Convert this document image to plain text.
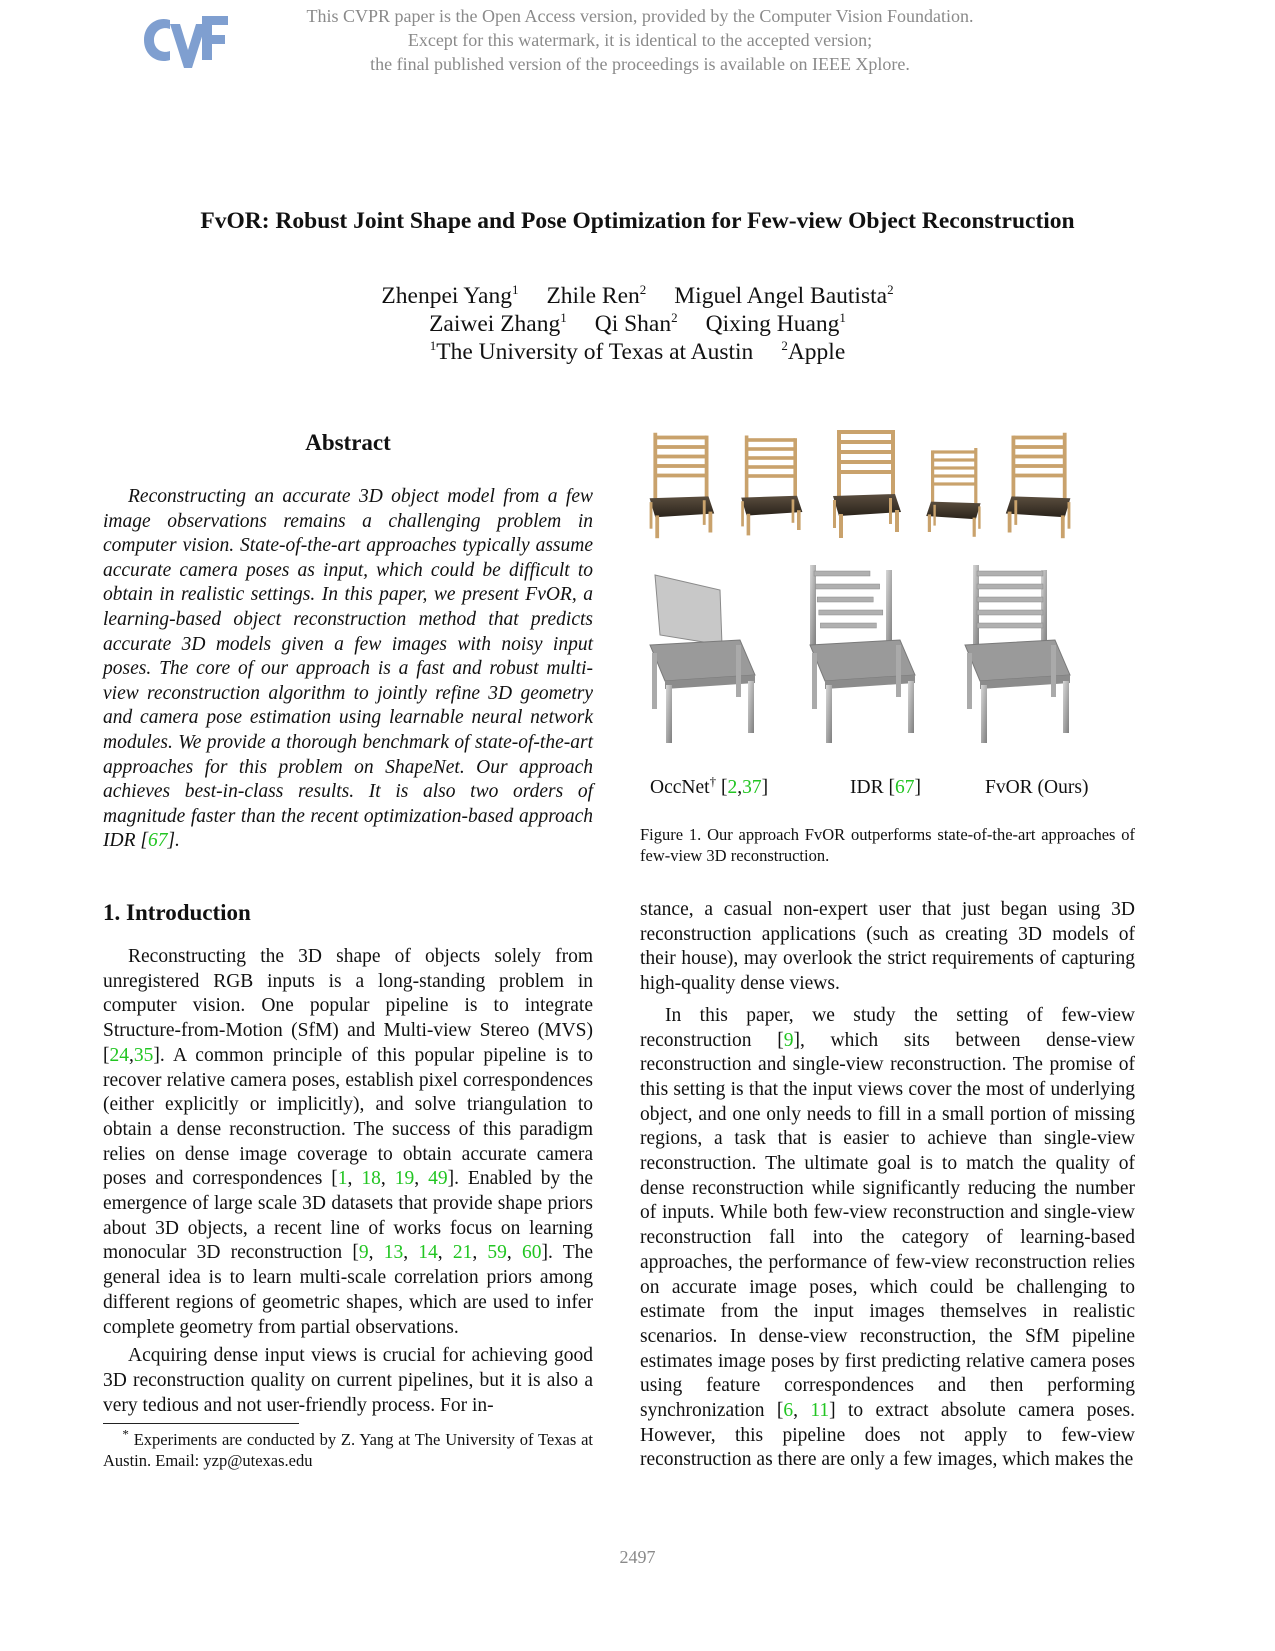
This CVPR paper is the Open Access version, provided by the Computer Vision Foundation.
Except for this watermark, it is identical to the accepted version;
the final published version of the proceedings is available on IEEE Xplore.
FvOR: Robust Joint Shape and Pose Optimization for Few-view Object Reconstruction
Zhenpei Yang$^1$ Zhile Ren$^2$ Miguel Angel Bautista$^2$
Zaiwei Zhang$^1$ Qi Shan$^2$ Qixing Huang$^1$
$^1$The University of Texas at Austin $^2$Apple
Abstract
Reconstructing an accurate 3D object model from a few image observations remains a challenging problem in computer vision. State-of-the-art approaches typically assume accurate camera poses as input, which could be difficult to obtain in realistic settings. In this paper, we present FvOR, a learning-based object reconstruction method that predicts accurate 3D models given a few images with noisy input poses. The core of our approach is a fast and robust multi-view reconstruction algorithm to jointly refine 3D geometry and camera pose estimation using learnable neural network modules. We provide a thorough benchmark of state-of-the-art approaches for this problem on ShapeNet. Our approach achieves best-in-class results. It is also two orders of magnitude faster than the recent optimization-based approach IDR [67].
OccNet† [2,37]	IDR [67]	FvOR (Ours)
Figure 1. Our approach FvOR outperforms state-of-the-art approaches of few-view 3D reconstruction.
1. Introduction

Reconstructing the 3D shape of objects solely from unregistered RGB inputs is a long-standing problem in computer vision. One popular pipeline is to integrate Structure-from-Motion (SfM) and Multi-view Stereo (MVS) [24,35]. A common principle of this popular pipeline is to recover relative camera poses, establish pixel correspondences (either explicitly or implicitly), and solve triangulation to obtain a dense reconstruction. The success of this paradigm relies on dense image coverage to obtain accurate camera poses and correspondences [1, 18, 19, 49]. Enabled by the emergence of large scale 3D datasets that provide shape priors about 3D objects, a recent line of works focus on learning monocular 3D reconstruction [9, 13, 14, 21, 59, 60]. The general idea is to learn multi-scale correlation priors among different regions of geometric shapes, which are used to infer complete geometry from partial observations.

Acquiring dense input views is crucial for achieving good 3D reconstruction quality on current pipelines, but it is also a very tedious and not user-friendly process. For in-

stance, a casual non-expert user that just began using 3D reconstruction applications (such as creating 3D models of their house), may overlook the strict requirements of capturing high-quality dense views.

In this paper, we study the setting of few-view reconstruction [9], which sits between dense-view reconstruction and single-view reconstruction. The promise of this setting is that the input views cover the most of underlying object, and one only needs to fill in a small portion of missing regions, a task that is easier to achieve than single-view reconstruction. The ultimate goal is to match the quality of dense reconstruction while significantly reducing the number of inputs. While both few-view reconstruction and single-view reconstruction fall into the category of learning-based approaches, the performance of few-view reconstruction relies on accurate image poses, which could be challenging to estimate from the input images themselves in realistic scenarios. In dense-view reconstruction, the SfM pipeline estimates image poses by first predicting relative camera poses using feature correspondences and then performing synchronization [6, 11] to extract absolute camera poses. However, this pipeline does not apply to few-view reconstruction as there are only a few images, which makes the

* Experiments are conducted by Z. Yang at The University of Texas at Austin. Email: yzp@utexas.edu
2497
